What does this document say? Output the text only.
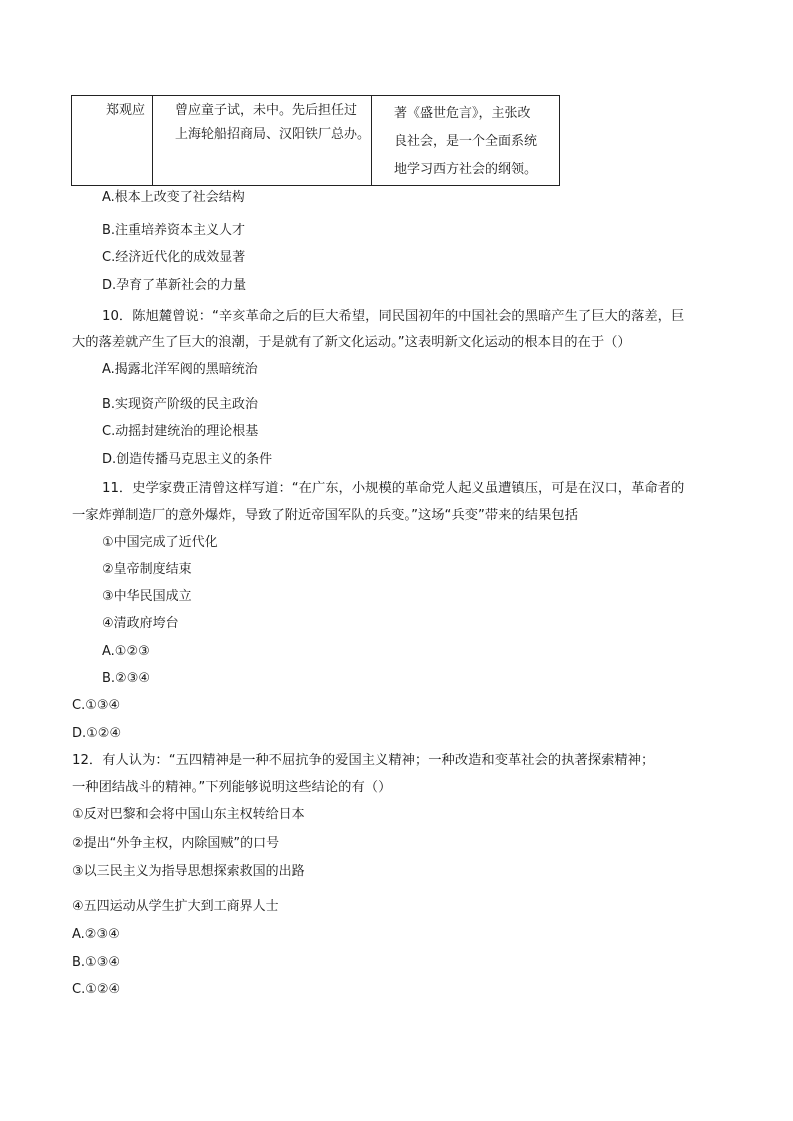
郑观应 曾应童子试，未中。先后担任过
上海轮船招商局、汉阳铁厂总办。
著《盛世危言》，主张改
良社会，是一个全面系统
地学习西方社会的纲领。
A.根本上改变了社会结构
B.注重培养资本主义人才
C.经济近代化的成效显著
D.孕育了革新社会的力量
10．陈旭麓曾说：“辛亥革命之后的巨大希望，同民国初年的中国社会的黑暗产生了巨大的落差，巨
大的落差就产生了巨大的浪潮，于是就有了新文化运动。”这表明新文化运动的根本目的在于（）
A.揭露北洋军阀的黑暗统治
B.实现资产阶级的民主政治
C.动摇封建统治的理论根基
D.创造传播马克思主义的条件
11．史学家费正清曾这样写道：“在广东，小规模的革命党人起义虽遭镇压，可是在汉口，革命者的
一家炸弹制造厂的意外爆炸，导致了附近帝国军队的兵变。”这场“兵变”带来的结果包括
①中国完成了近代化
②皇帝制度结束
③中华民国成立
④清政府垮台
A.①②③
B.②③④
C.①③④
D.①②④
12．有人认为：“五四精神是一种不屈抗争的爱国主义精神；一种改造和变革社会的执著探索精神；
一种团结战斗的精神。”下列能够说明这些结论的有（）
①反对巴黎和会将中国山东主权转给日本
②提出“外争主权，内除国贼”的口号
③以三民主义为指导思想探索救国的出路
④五四运动从学生扩大到工商界人士
A.②③④
B.①③④
C.①②④
